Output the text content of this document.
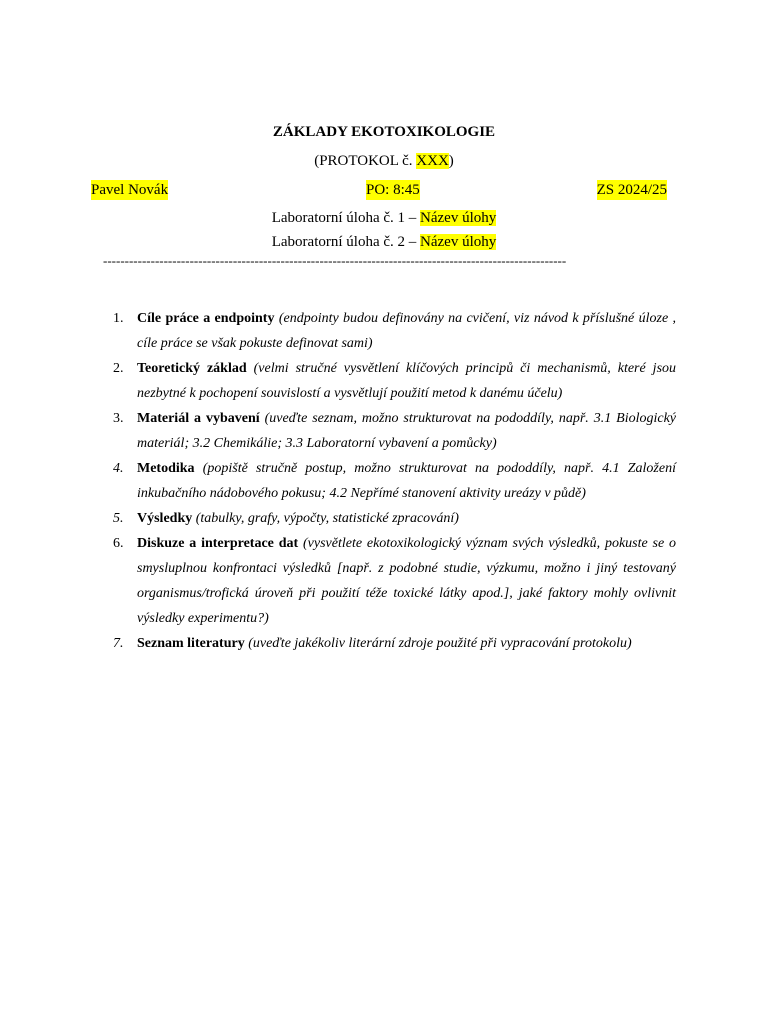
ZÁKLADY EKOTOXIKOLOGIE
(PROTOKOL č. XXX)
Pavel Novák	PO: 8:45	ZS 2024/25
Laboratorní úloha č. 1 – Název úlohy
Laboratorní úloha č. 2 – Název úlohy
-----------------------------------------------------------------------------------------------------------
1. Cíle práce a endpointy (endpointy budou definovány na cvičení, viz návod k příslušné úloze , cíle práce se však pokuste definovat sami)
2. Teoretický základ (velmi stručné vysvětlení klíčových principů či mechanismů, které jsou nezbytné k pochopení souvislostí a vysvětlují použití metod k danému účelu)
3. Materiál a vybavení (uveďte seznam, možno strukturovat na pododdíly, např. 3.1 Biologický materiál; 3.2 Chemikálie; 3.3 Laboratorní vybavení a pomůcky)
4. Metodika (popiště stručně postup, možno strukturovat na pododdíly, např. 4.1 Založení inkubačního nádobového pokusu; 4.2 Nepřímé stanovení aktivity ureázy v půdě)
5. Výsledky (tabulky, grafy, výpočty, statistické zpracování)
6. Diskuze a interpretace dat (vysvětlete ekotoxikologický význam svých výsledků, pokuste se o smysluplnou konfrontaci výsledků [např. z podobné studie, výzkumu, možno i jiný testovaný organismus/trofická úroveň při použití téže toxické látky apod.], jaké faktory mohly ovlivnit výsledky experimentu?)
7. Seznam literatury (uveďte jakékoliv literární zdroje použité při vypracování protokolu)
